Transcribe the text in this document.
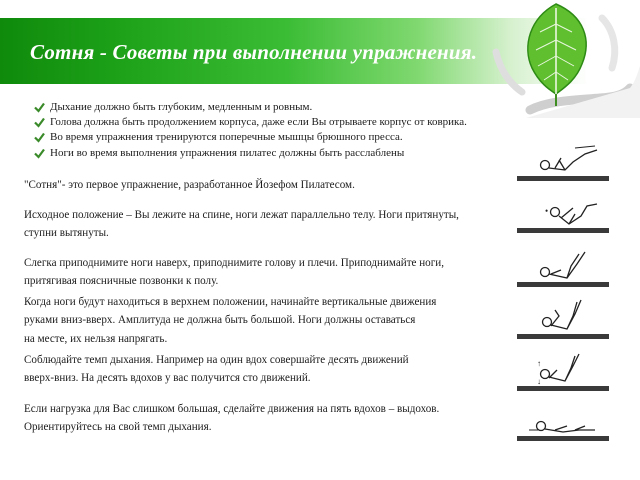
Сотня - Советы при выполнении упражнения.
Дыхание должно быть глубоким, медленным и ровным.
Голова должна быть продолжением корпуса, даже если Вы отрываете корпус от коврика.
Во время упражнения тренируются поперечные мышцы брюшного пресса.
Ноги во время выполнения упражнения пилатес должны быть расслаблены

"Сотня"- это первое упражнение, разработанное Йозефом Пилатесом.

Исходное положение – Вы лежите на спине, ноги лежат параллельно телу. Ноги притянуты,
ступни вытянуты.

Слегка приподнимите ноги наверх, приподнимите голову и плечи. Приподнимайте ноги,
притягивая поясничные позвонки к полу.

Когда ноги будут находиться в верхнем положении, начинайте вертикальные движения
руками вниз-вверх. Амплитуда не должна быть большой. Ноги должны оставаться
на месте, их нельзя напрягать.

Соблюдайте темп дыхания. Например на один вдох совершайте десять движений
вверх-вниз. На десять вдохов у вас получится сто движений.

Если нагрузка для Вас слишком большая, сделайте движения на пять вдохов – выдохов.
Ориентируйтесь на свой темп дыхания.

•
↑
↓
